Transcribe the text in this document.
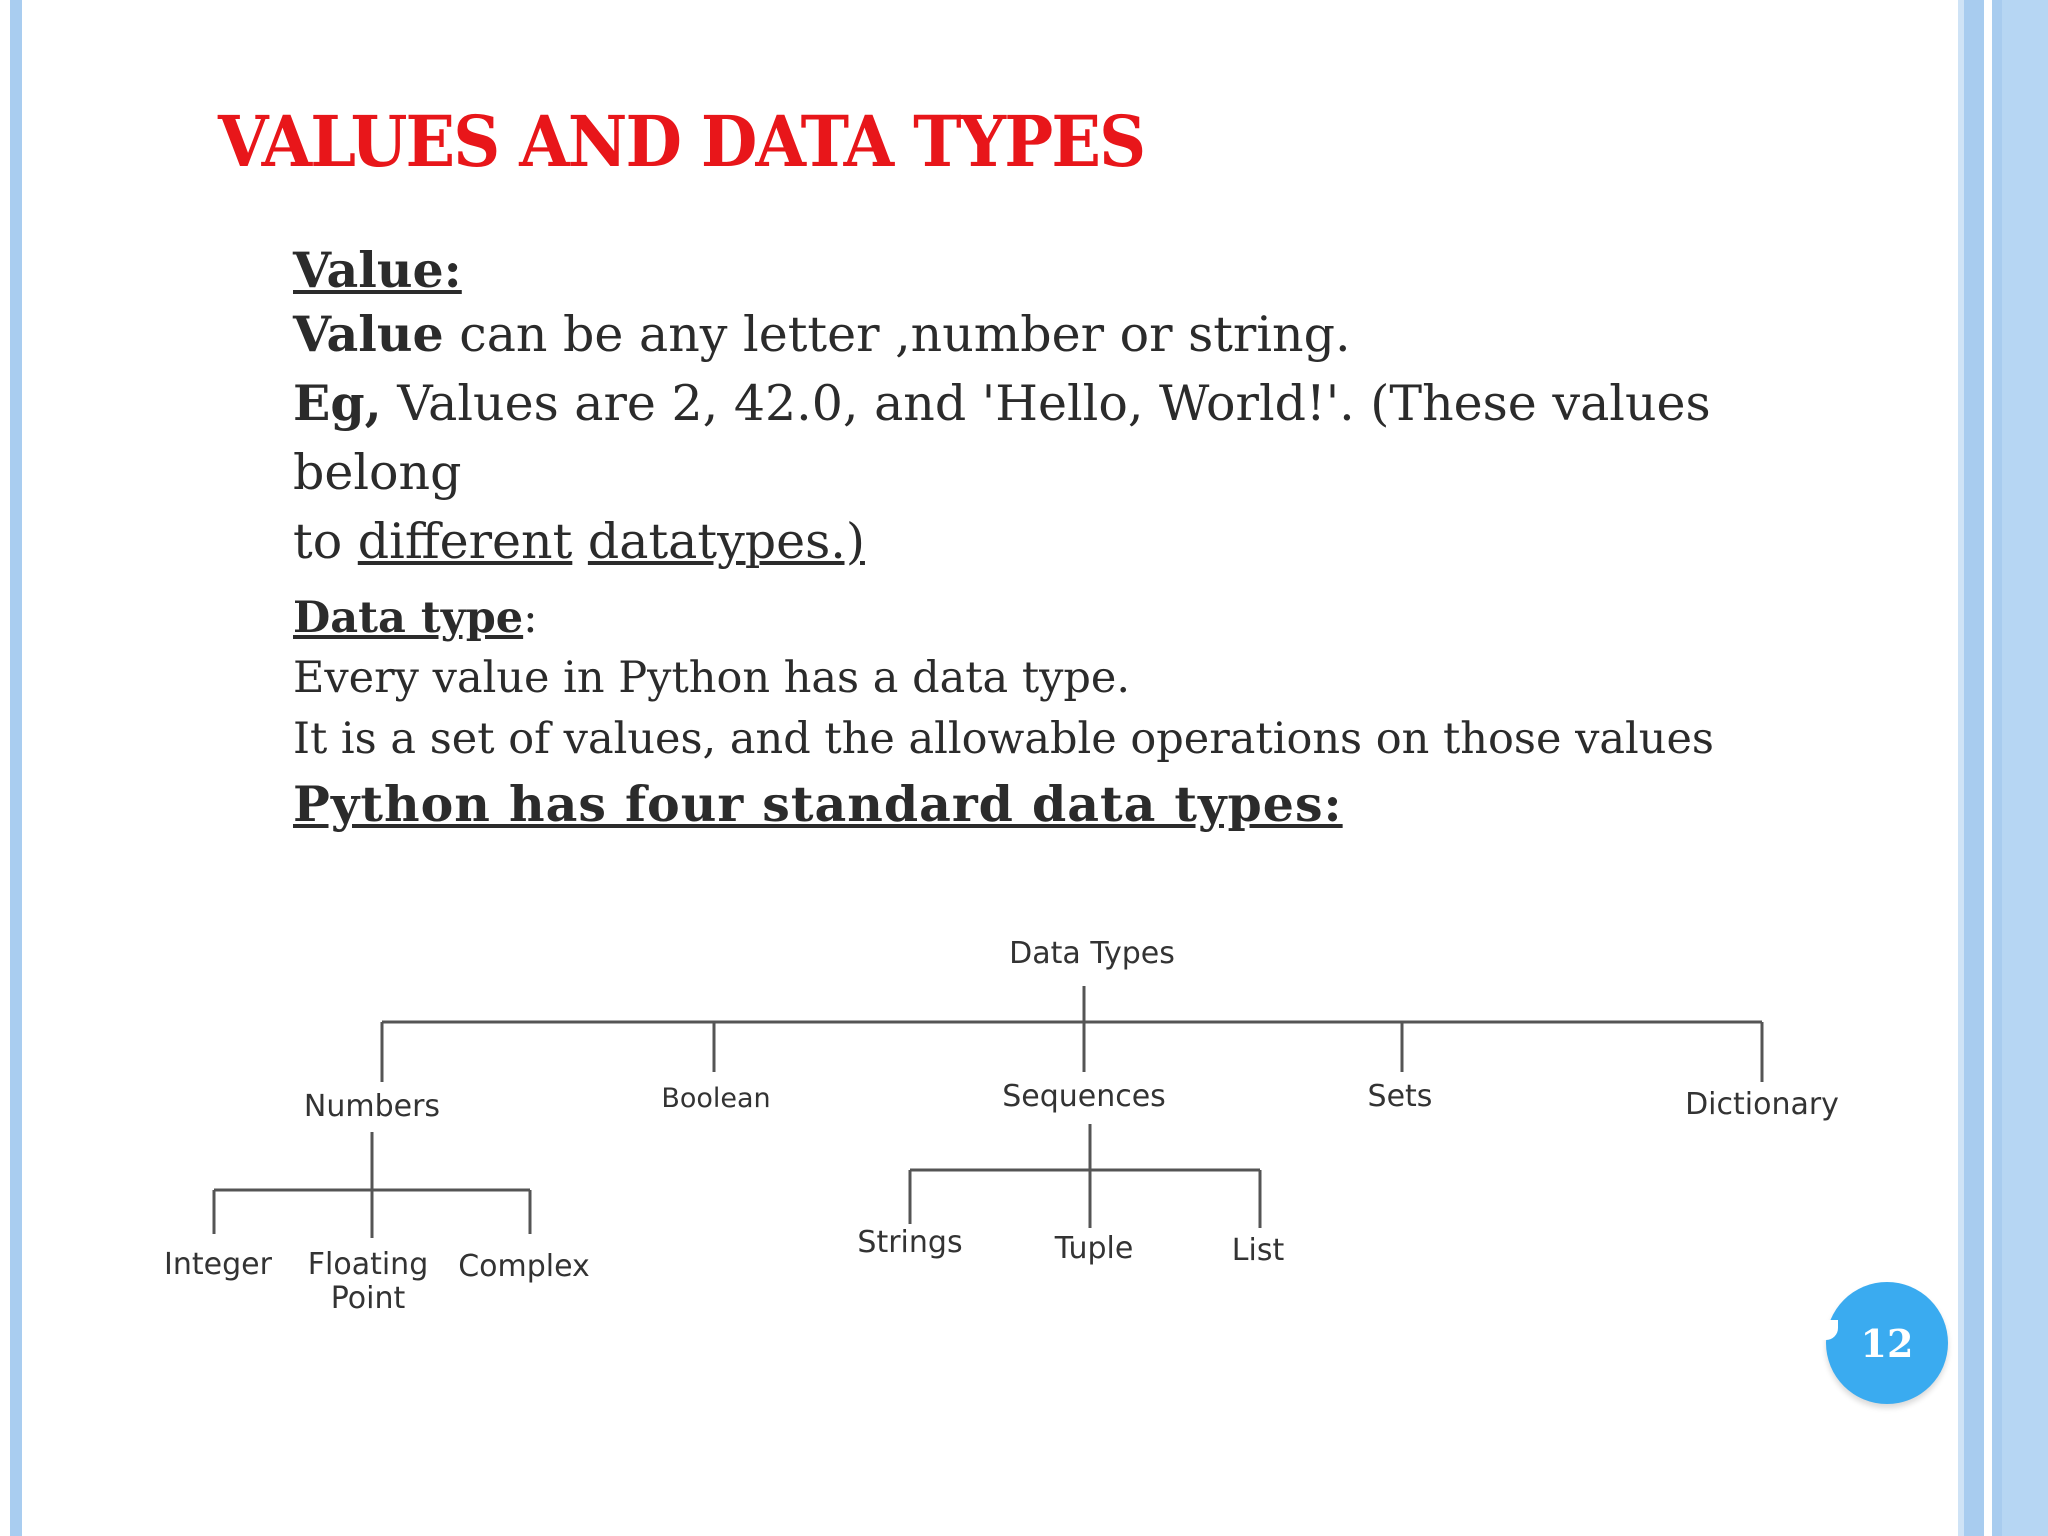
VALUES AND DATA TYPES

Value:

Value can be any letter ,number or string.

Eg, Values are 2, 42.0, and 'Hello, World!'. (These values belong
to different datatypes.)

Data type:

Every value in Python has a data type.

It is a set of values, and the allowable operations on those values

Python has four standard data types:

Data Types
Numbers	Boolean	Sequences	Sets	Dictionary
Integer Floating
Point
Complex
Strings	Tuple	List
12
